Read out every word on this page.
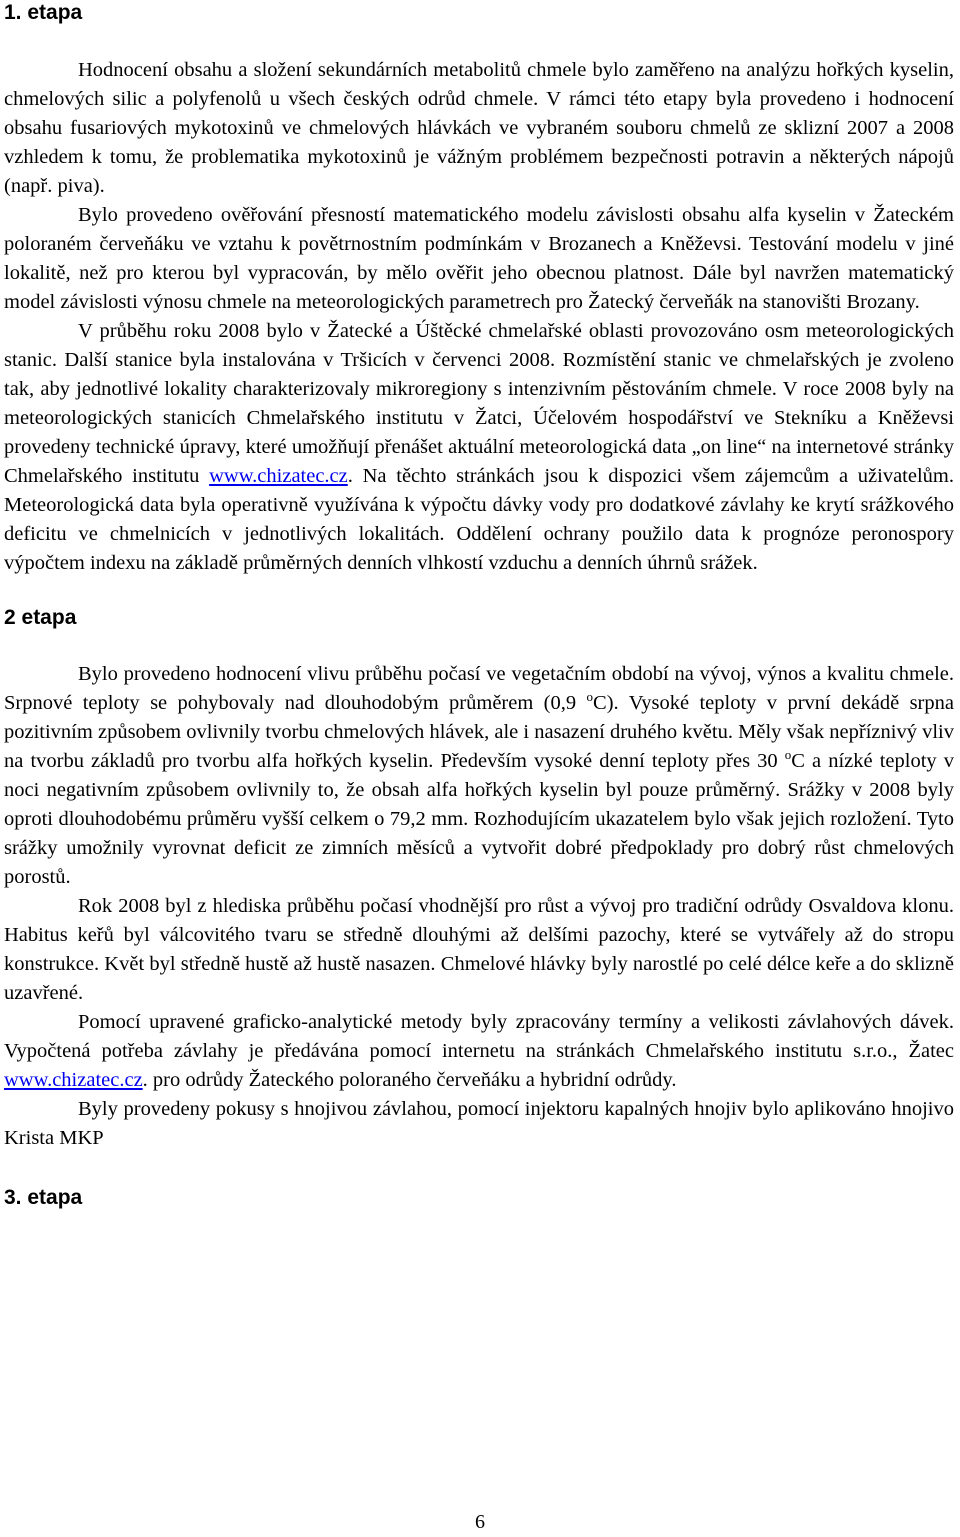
1. etapa

Hodnocení obsahu a složení sekundárních metabolitů chmele bylo zaměřeno na analýzu hořkých kyselin, chmelových silic a polyfenolů u všech českých odrůd chmele. V rámci této etapy byla provedeno i hodnocení obsahu fusariových mykotoxinů ve chmelových hlávkách ve vybraném souboru chmelů ze sklizní 2007 a 2008 vzhledem k tomu, že problematika mykotoxinů je vážným problémem bezpečnosti potravin a některých nápojů (např. piva).

Bylo provedeno ověřování přesností matematického modelu závislosti obsahu alfa kyselin v Žateckém poloraném červeňáku ve vztahu k povětrnostním podmínkám v Brozanech a Kněževsi. Testování modelu v jiné lokalitě, než pro kterou byl vypracován, by mělo ověřit jeho obecnou platnost. Dále byl navržen matematický model závislosti výnosu chmele na meteorologických parametrech pro Žatecký červeňák na stanovišti Brozany.

V průběhu roku 2008 bylo v Žatecké a Úštěcké chmelařské oblasti provozováno osm meteorologických stanic. Další stanice byla instalována v Tršicích v červenci 2008. Rozmístění stanic ve chmelařských je zvoleno tak, aby jednotlivé lokality charakterizovaly mikroregiony s intenzivním pěstováním chmele. V roce 2008 byly na meteorologických stanicích Chmelařského institutu v Žatci, Účelovém hospodářství ve Stekníku a Kněževsi provedeny technické úpravy, které umožňují přenášet aktuální meteorologická data „on line“ na internetové stránky Chmelařského institutu www.chizatec.cz. Na těchto stránkách jsou k dispozici všem zájemcům a uživatelům. Meteorologická data byla operativně využívána k výpočtu dávky vody pro dodatkové závlahy ke krytí srážkového deficitu ve chmelnicích v jednotlivých lokalitách. Oddělení ochrany použilo data k prognóze peronospory výpočtem indexu na základě průměrných denních vlhkostí vzduchu a denních úhrnů srážek.

2 etapa

Bylo provedeno hodnocení vlivu průběhu počasí ve vegetačním období na vývoj, výnos a kvalitu chmele. Srpnové teploty se pohybovaly nad dlouhodobým průměrem (0,9 $^o$C). Vysoké teploty v první dekádě srpna pozitivním způsobem ovlivnily tvorbu chmelových hlávek, ale i nasazení druhého květu. Měly však nepříznivý vliv na tvorbu základů pro tvorbu alfa hořkých kyselin. Především vysoké denní teploty přes 30 $^o$C a nízké teploty v noci negativním způsobem ovlivnily to, že obsah alfa hořkých kyselin byl pouze průměrný. Srážky v 2008 byly oproti dlouhodobému průměru vyšší celkem o 79,2 mm. Rozhodujícím ukazatelem bylo však jejich rozložení. Tyto srážky umožnily vyrovnat deficit ze zimních měsíců a vytvořit dobré předpoklady pro dobrý růst chmelových porostů.

Rok 2008 byl z hlediska průběhu počasí vhodnější pro růst a vývoj pro tradiční odrůdy Osvaldova klonu. Habitus keřů byl válcovitého tvaru se středně dlouhými až delšími pazochy, které se vytvářely až do stropu konstrukce. Květ byl středně hustě až hustě nasazen. Chmelové hlávky byly narostlé po celé délce keře a do sklizně uzavřené.

Pomocí upravené graficko-analytické metody byly zpracovány termíny a velikosti závlahových dávek. Vypočtená potřeba závlahy je předávána pomocí internetu na stránkách Chmelařského institutu s.r.o., Žatec www.chizatec.cz. pro odrůdy Žateckého poloraného červeňáku a hybridní odrůdy.

Byly provedeny pokusy s hnojivou závlahou, pomocí injektoru kapalných hnojiv bylo aplikováno hnojivo Krista MKP

3. etapa
6
